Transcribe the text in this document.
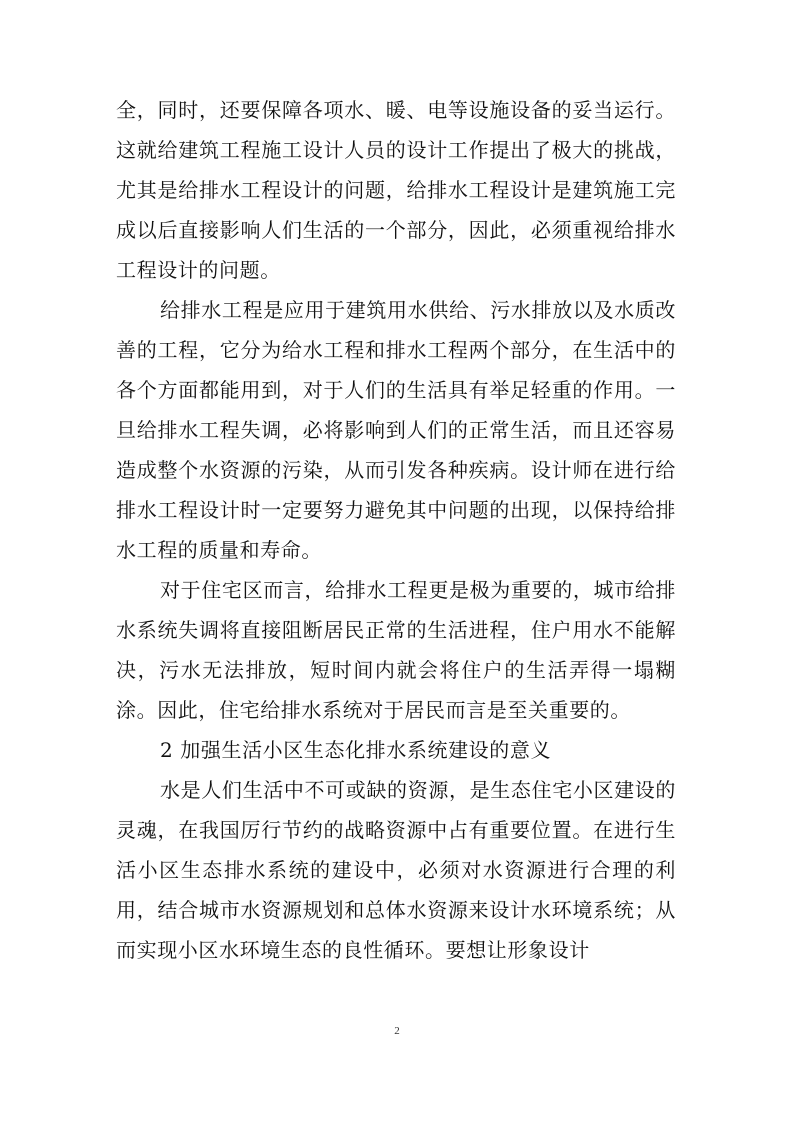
全，同时，还要保障各项水、暖、电等设施设备的妥当运行。这就给建筑工程施工设计人员的设计工作提出了极大的挑战，尤其是给排水工程设计的问题，给排水工程设计是建筑施工完成以后直接影响人们生活的一个部分，因此，必须重视给排水工程设计的问题。

给排水工程是应用于建筑用水供给、污水排放以及水质改善的工程，它分为给水工程和排水工程两个部分，在生活中的各个方面都能用到，对于人们的生活具有举足轻重的作用。一旦给排水工程失调，必将影响到人们的正常生活，而且还容易造成整个水资源的污染，从而引发各种疾病。设计师在进行给排水工程设计时一定要努力避免其中问题的出现，以保持给排水工程的质量和寿命。

对于住宅区而言，给排水工程更是极为重要的，城市给排水系统失调将直接阻断居民正常的生活进程，住户用水不能解决，污水无法排放，短时间内就会将住户的生活弄得一塌糊涂。因此，住宅给排水系统对于居民而言是至关重要的。

2 加强生活小区生态化排水系统建设的意义

水是人们生活中不可或缺的资源，是生态住宅小区建设的灵魂，在我国厉行节约的战略资源中占有重要位置。在进行生活小区生态排水系统的建设中，必须对水资源进行合理的利用，结合城市水资源规划和总体水资源来设计水环境系统；从而实现小区水环境生态的良性循环。要想让形象设计

2
